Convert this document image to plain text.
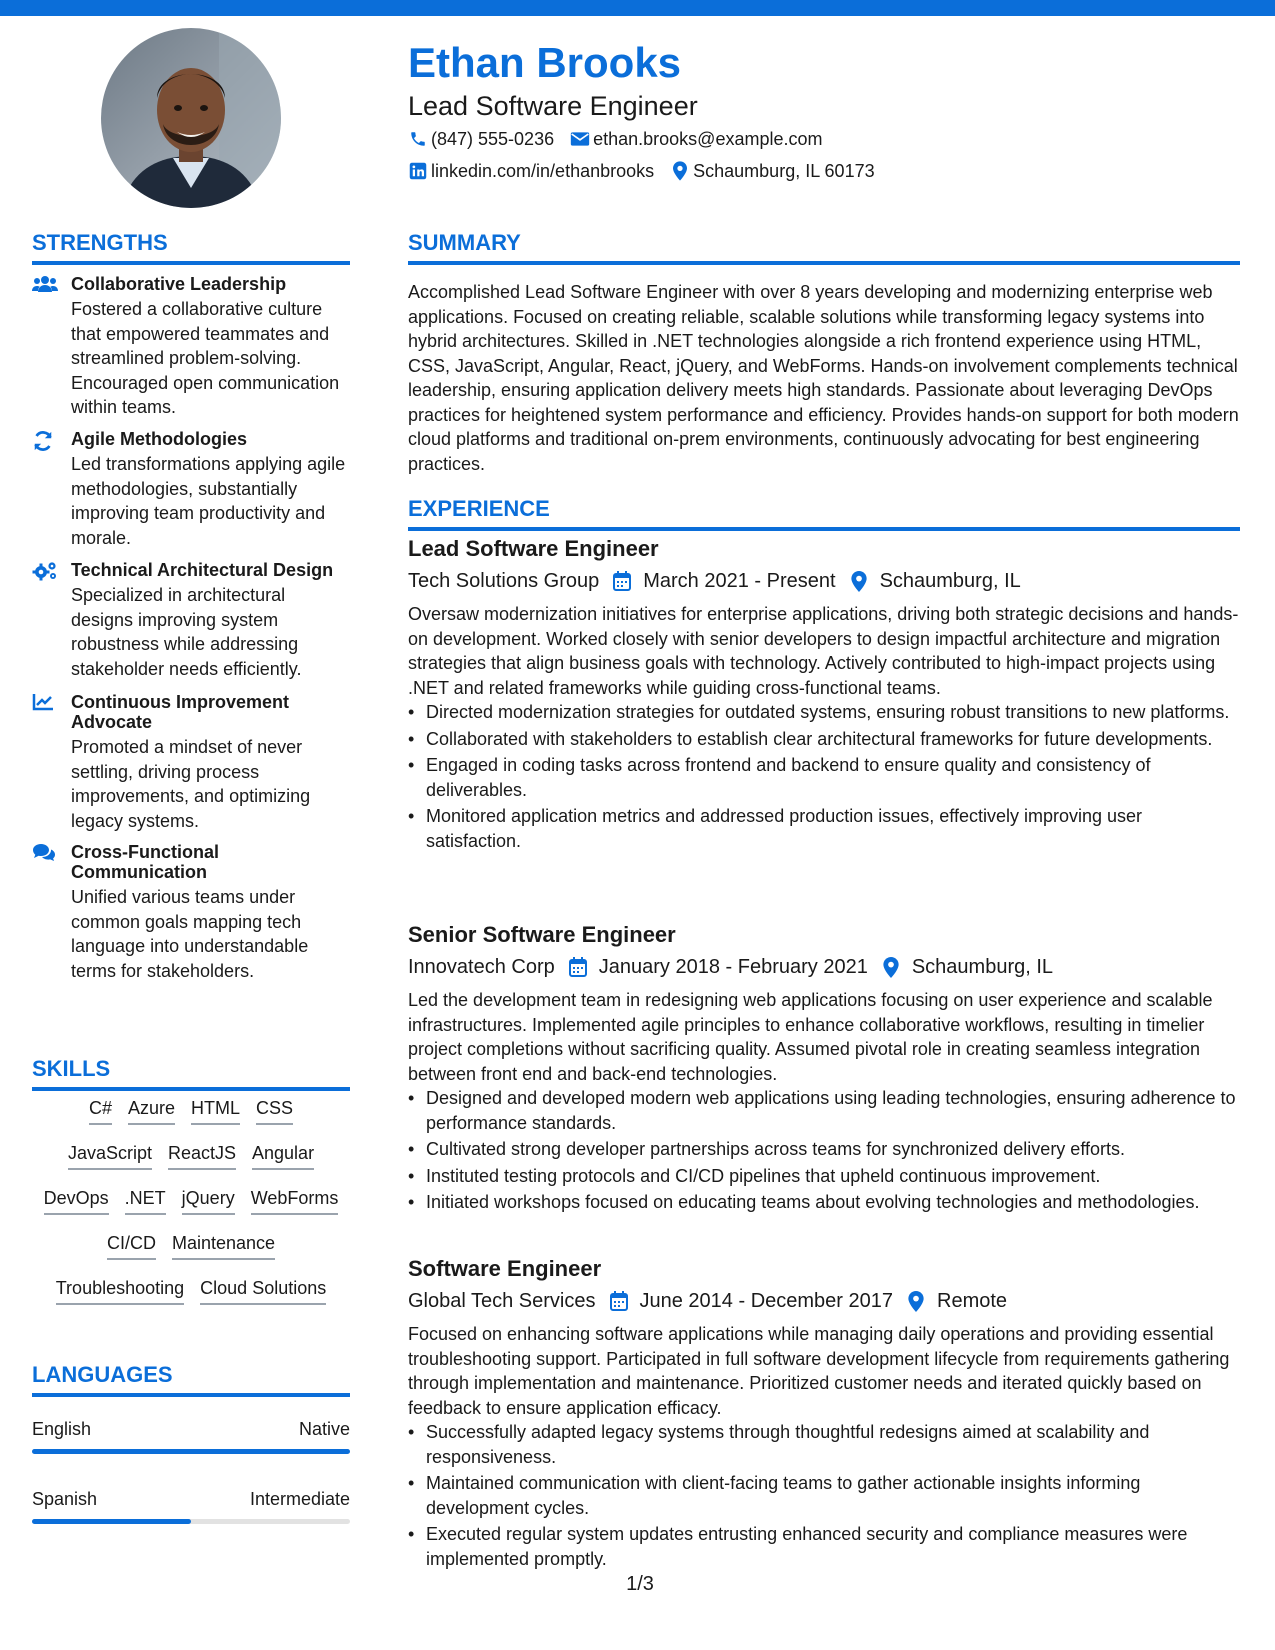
Ethan Brooks
Lead Software Engineer
(847) 555-0236 ethan.brooks@example.com
linkedin.com/in/ethanbrooks Schaumburg, IL 60173
STRENGTHS
Collaborative Leadership
Fostered a collaborative culture that empowered teammates and streamlined problem-solving. Encouraged open communication within teams.
Agile Methodologies
Led transformations applying agile methodologies, substantially improving team productivity and morale.
Technical Architectural Design
Specialized in architectural designs improving system robustness while addressing stakeholder needs efficiently.
Continuous Improvement Advocate
Promoted a mindset of never settling, driving process improvements, and optimizing legacy systems.
Cross-Functional Communication
Unified various teams under common goals mapping tech language into understandable terms for stakeholders.
SKILLS
C# Azure HTML CSS
JavaScript ReactJS Angular
DevOps .NET jQuery WebForms
CI/CD Maintenance
Troubleshooting Cloud Solutions
LANGUAGES
English	Native
Spanish	Intermediate
SUMMARY
Accomplished Lead Software Engineer with over 8 years developing and modernizing enterprise web applications. Focused on creating reliable, scalable solutions while transforming legacy systems into hybrid architectures. Skilled in .NET technologies alongside a rich frontend experience using HTML, CSS, JavaScript, Angular, React, jQuery, and WebForms. Hands-on involvement complements technical leadership, ensuring application delivery meets high standards. Passionate about leveraging DevOps practices for heightened system performance and efficiency. Provides hands-on support for both modern cloud platforms and traditional on-prem environments, continuously advocating for best engineering practices.
EXPERIENCE
Lead Software Engineer
Tech Solutions Group March 2021 - Present Schaumburg, IL
Oversaw modernization initiatives for enterprise applications, driving both strategic decisions and hands-on development. Worked closely with senior developers to design impactful architecture and migration strategies that align business goals with technology. Actively contributed to high-impact projects using .NET and related frameworks while guiding cross-functional teams.
• Directed modernization strategies for outdated systems, ensuring robust transitions to new platforms.
• Collaborated with stakeholders to establish clear architectural frameworks for future developments.
• Engaged in coding tasks across frontend and backend to ensure quality and consistency of deliverables.
• Monitored application metrics and addressed production issues, effectively improving user satisfaction.
Senior Software Engineer
Innovatech Corp January 2018 - February 2021 Schaumburg, IL
Led the development team in redesigning web applications focusing on user experience and scalable infrastructures. Implemented agile principles to enhance collaborative workflows, resulting in timelier project completions without sacrificing quality. Assumed pivotal role in creating seamless integration between front end and back-end technologies.
• Designed and developed modern web applications using leading technologies, ensuring adherence to performance standards.
• Cultivated strong developer partnerships across teams for synchronized delivery efforts.
• Instituted testing protocols and CI/CD pipelines that upheld continuous improvement.
• Initiated workshops focused on educating teams about evolving technologies and methodologies.
Software Engineer
Global Tech Services June 2014 - December 2017 Remote
Focused on enhancing software applications while managing daily operations and providing essential troubleshooting support. Participated in full software development lifecycle from requirements gathering through implementation and maintenance. Prioritized customer needs and iterated quickly based on feedback to ensure application efficacy.
• Successfully adapted legacy systems through thoughtful redesigns aimed at scalability and responsiveness.
• Maintained communication with client-facing teams to gather actionable insights informing development cycles.
• Executed regular system updates entrusting enhanced security and compliance measures were implemented promptly.
1/3
